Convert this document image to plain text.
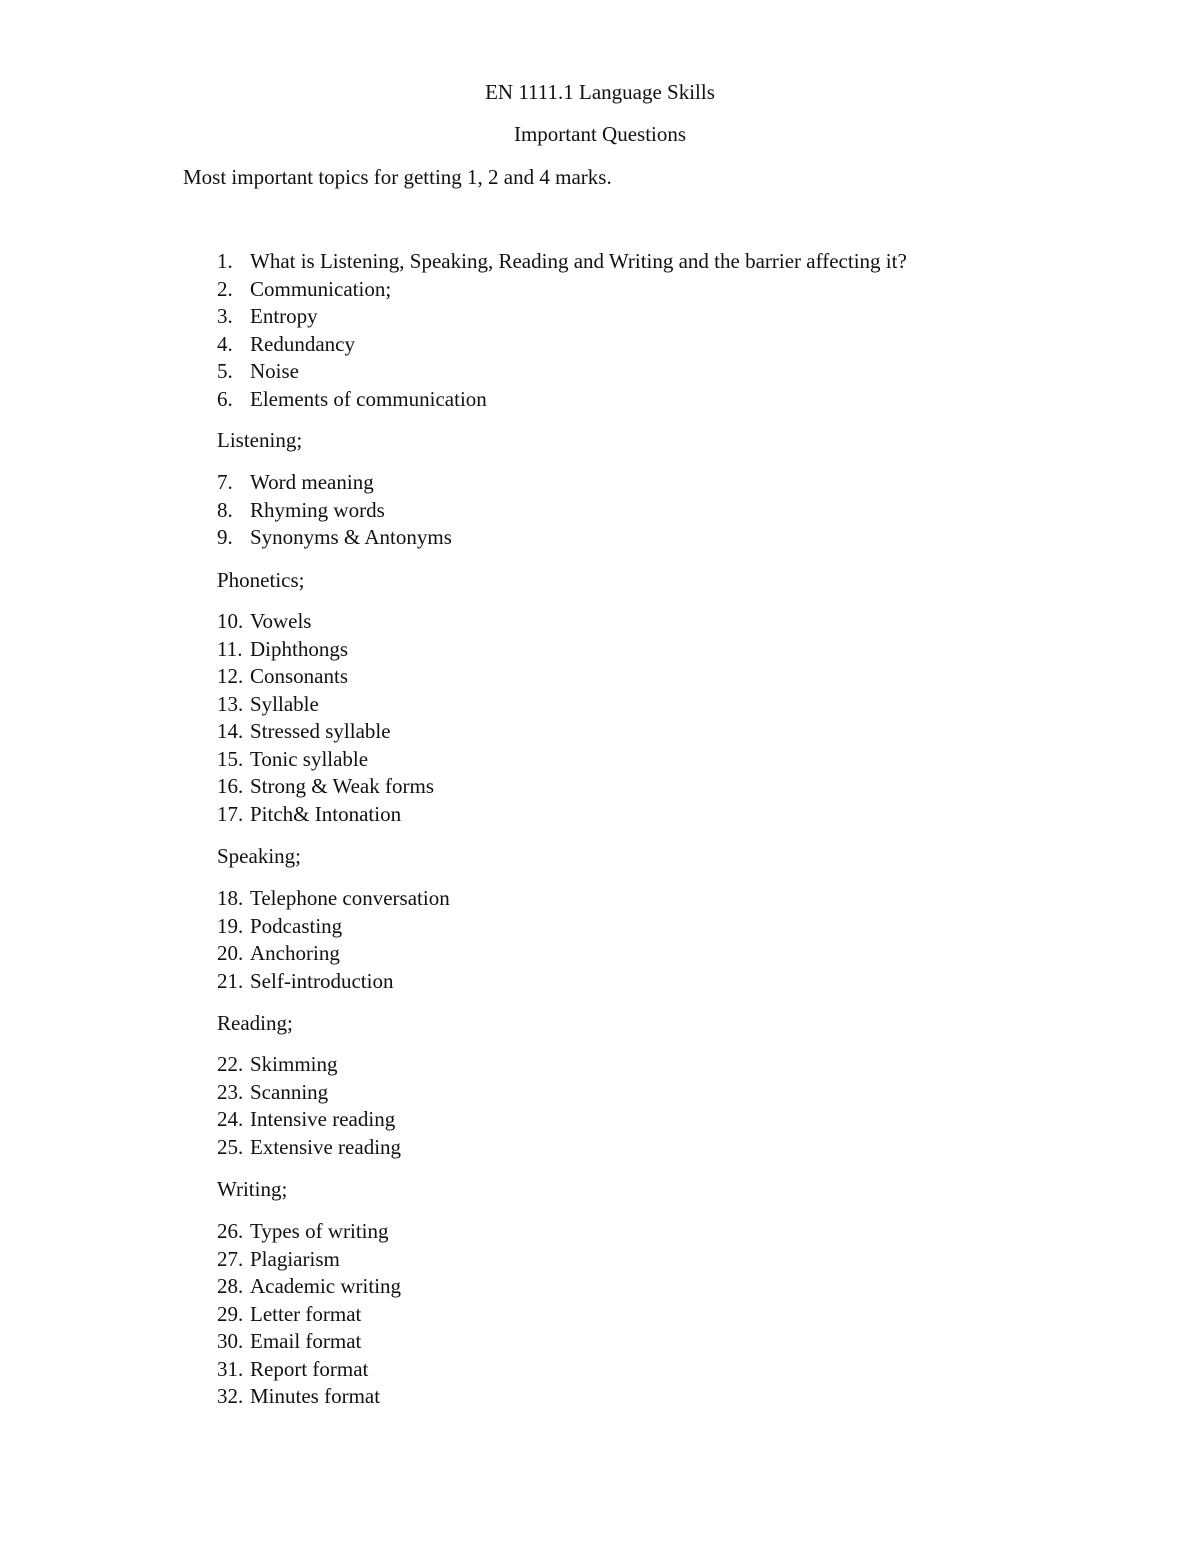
EN 1111.1 Language Skills
Important Questions
Most important topics for getting 1, 2 and 4 marks.
1. What is Listening, Speaking, Reading and Writing and the barrier affecting it?
2. Communication;
3. Entropy
4. Redundancy
5. Noise
6. Elements of communication
Listening;
7. Word meaning
8. Rhyming words
9. Synonyms & Antonyms
Phonetics;
10. Vowels
11. Diphthongs
12. Consonants
13. Syllable
14. Stressed syllable
15. Tonic syllable
16. Strong & Weak forms
17. Pitch& Intonation
Speaking;
18. Telephone conversation
19. Podcasting
20. Anchoring
21. Self-introduction
Reading;
22. Skimming
23. Scanning
24. Intensive reading
25. Extensive reading
Writing;
26. Types of writing
27. Plagiarism
28. Academic writing
29. Letter format
30. Email format
31. Report format
32. Minutes format
